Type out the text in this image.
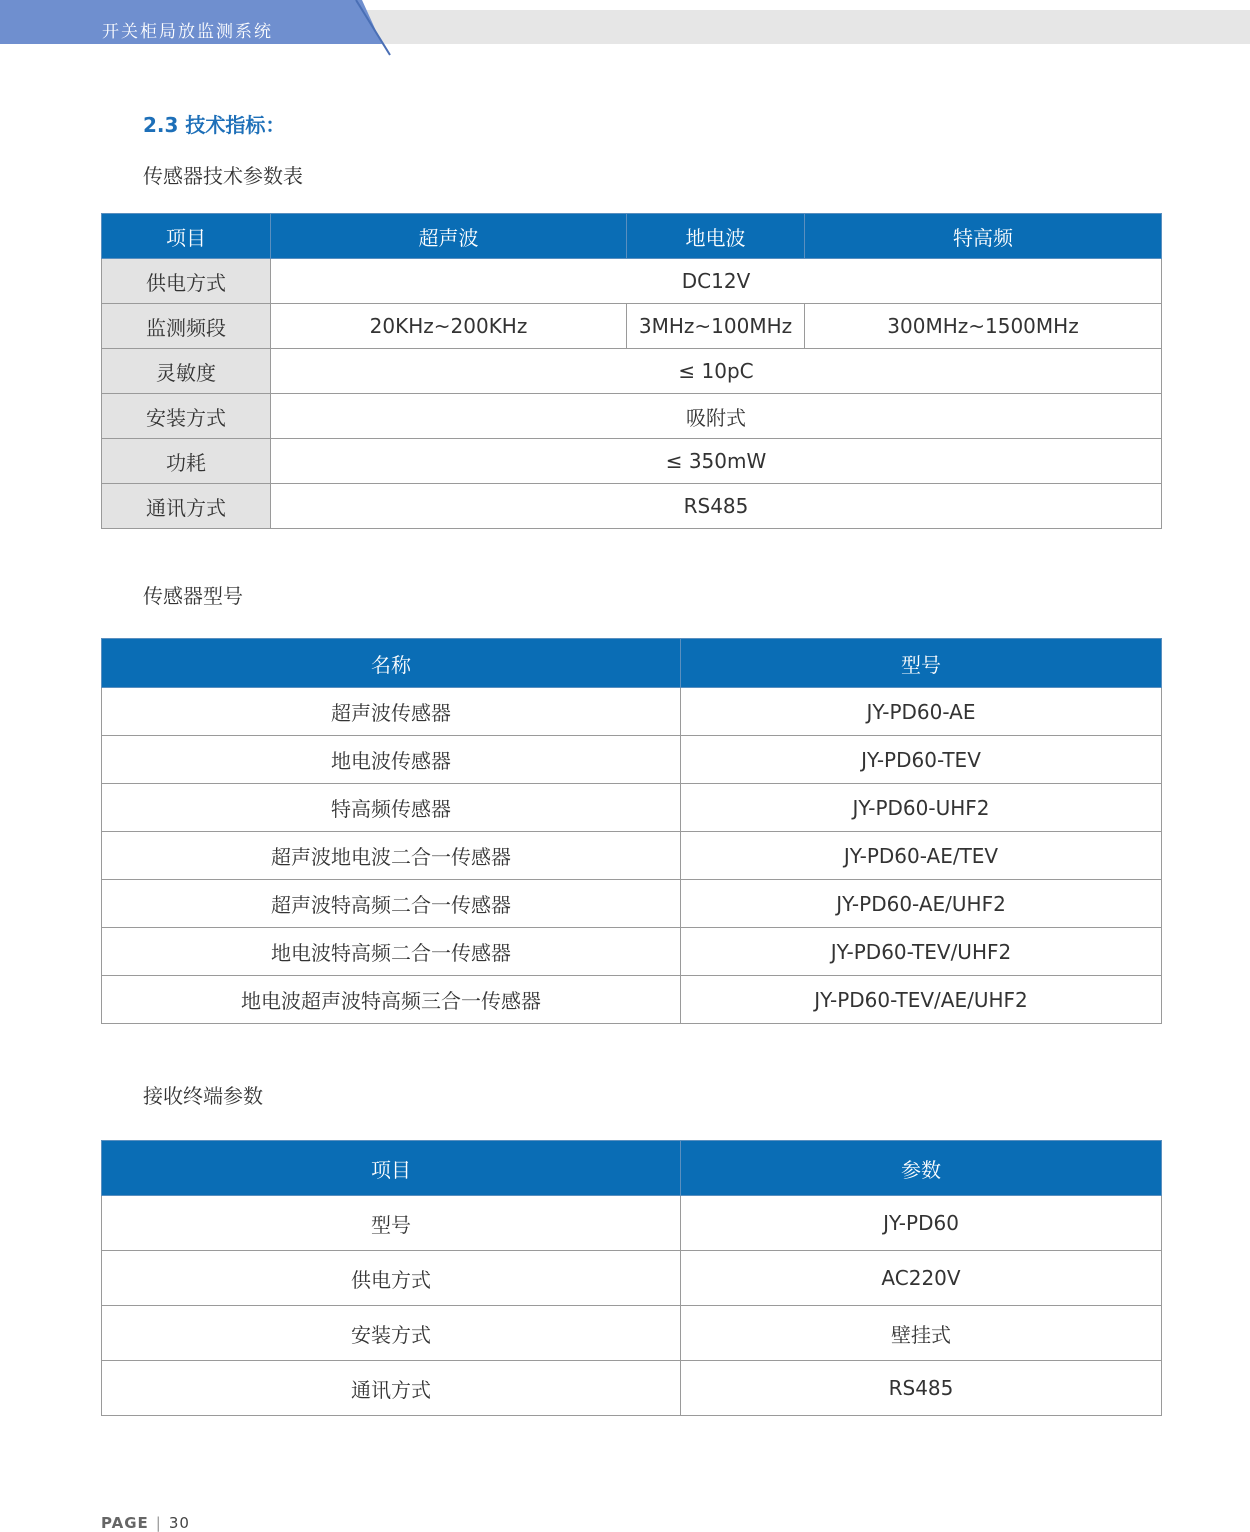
开关柜局放监测系统
2.3 技术指标：
传感器技术参数表
项目	超声波	地电波	特高频
供电方式	DC12V		
监测频段	20KHz~200KHz	3MHz~100MHz	300MHz~1500MHz
灵敏度	≤ 10pC		
安装方式	吸附式		
功耗	≤ 350mW		
通讯方式	RS485		
传感器型号
名称	型号
超声波传感器	JY-PD60-AE
地电波传感器	JY-PD60-TEV
特高频传感器	JY-PD60-UHF2
超声波地电波二合一传感器	JY-PD60-AE/TEV
超声波特高频二合一传感器	JY-PD60-AE/UHF2
地电波特高频二合一传感器	JY-PD60-TEV/UHF2
地电波超声波特高频三合一传感器	JY-PD60-TEV/AE/UHF2
接收终端参数
项目	参数
型号	JY-PD60
供电方式	AC220V
安装方式	壁挂式
通讯方式	RS485
PAGE | 30
